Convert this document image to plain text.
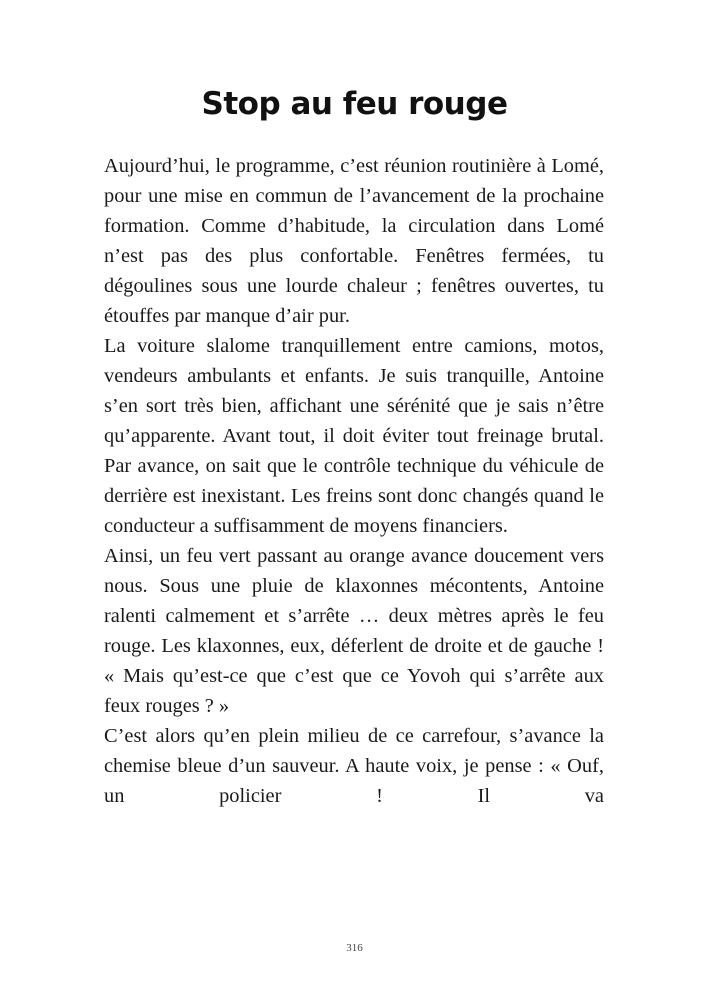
Stop au feu rouge

Aujourd’hui, le programme, c’est réunion routinière à Lomé, pour une mise en commun de l’avancement de la prochaine formation. Comme d’habitude, la circulation dans Lomé n’est pas des plus confortable. Fenêtres fermées, tu dégoulines sous une lourde chaleur ; fenêtres ouvertes, tu étouffes par manque d’air pur.

La voiture slalome tranquillement entre camions, motos, vendeurs ambulants et enfants. Je suis tranquille, Antoine s’en sort très bien, affichant une sérénité que je sais n’être qu’apparente. Avant tout, il doit éviter tout freinage brutal. Par avance, on sait que le contrôle technique du véhicule de derrière est inexistant. Les freins sont donc changés quand le conducteur a suffisamment de moyens financiers.

Ainsi, un feu vert passant au orange avance doucement vers nous. Sous une pluie de klaxonnes mécontents, Antoine ralenti calmement et s’arrête … deux mètres après le feu rouge. Les klaxonnes, eux, déferlent de droite et de gauche ! « Mais qu’est-ce que c’est que ce Yovoh qui s’arrête aux feux rouges ? »

C’est alors qu’en plein milieu de ce carrefour, s’avance la chemise bleue d’un sauveur. A haute voix, je pense : « Ouf, un policier ! Il va

316
